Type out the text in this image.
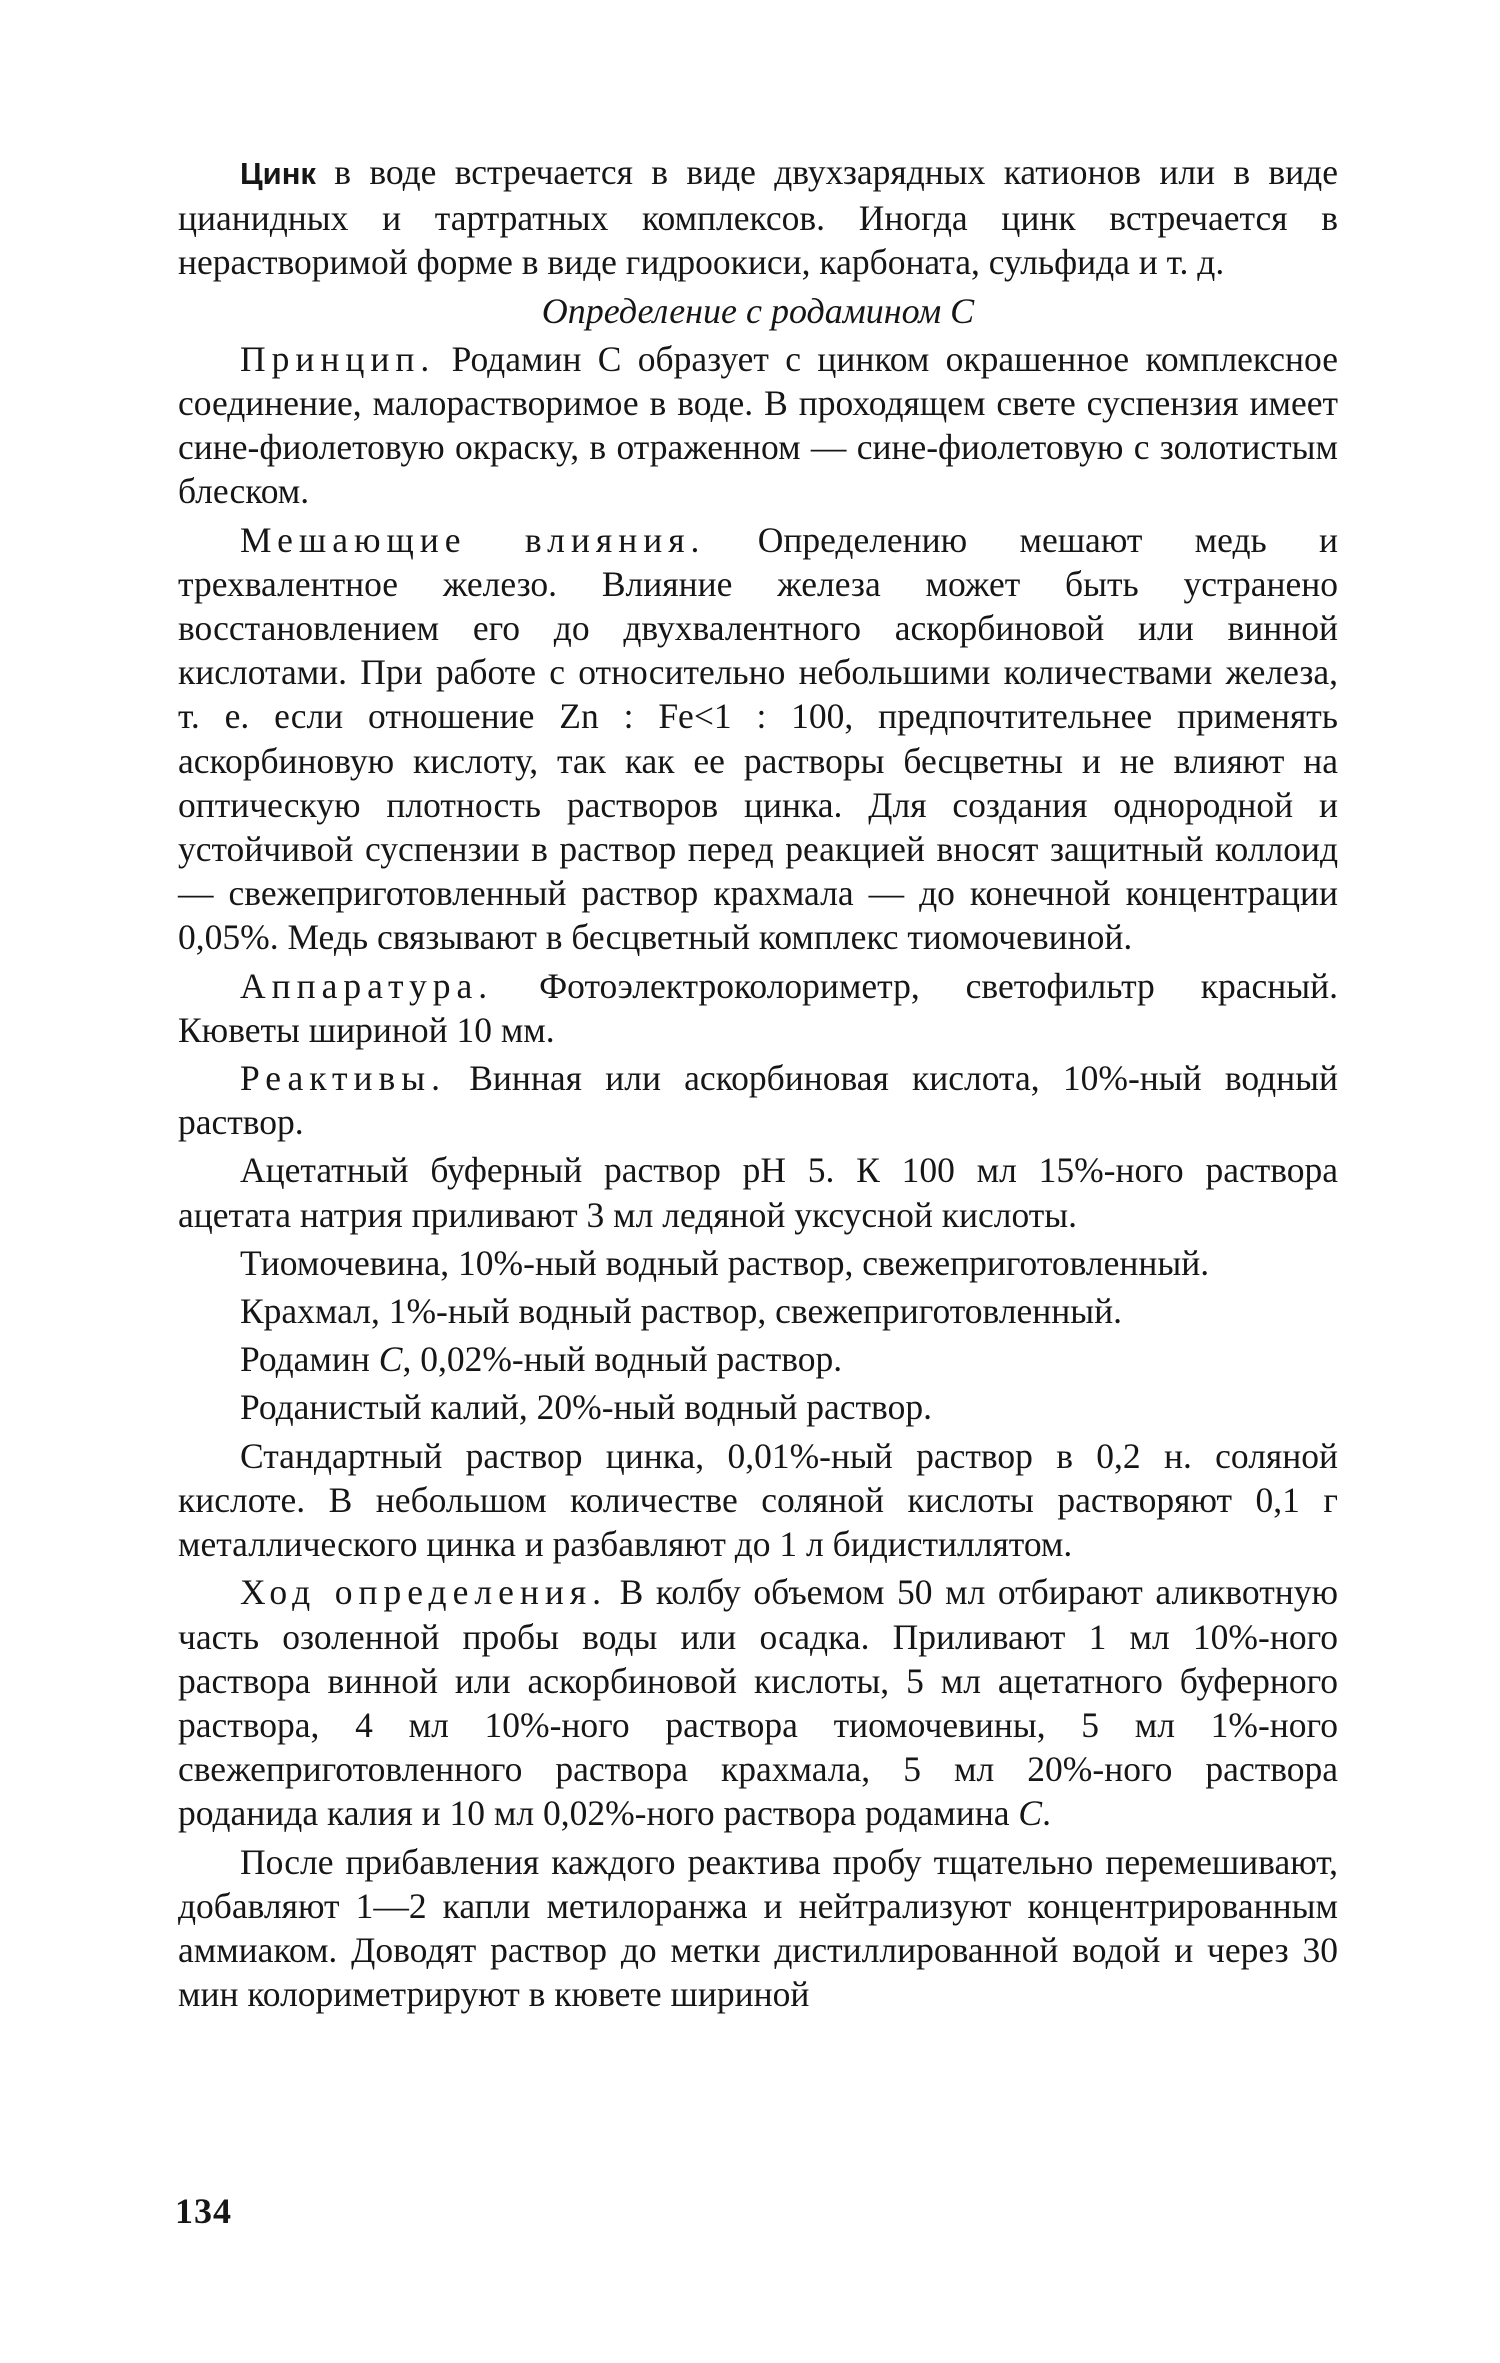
Цинк в воде встречается в виде двухзарядных катионов или в виде цианидных и тартратных комплексов. Иногда цинк встречается в нерастворимой форме в виде гидроокиси, карбоната, сульфида и т. д.

Определение с родамином С

Принцип. Родамин С образует с цинком окрашенное комплексное соединение, малорастворимое в воде. В проходящем свете суспензия имеет сине-фиолетовую окраску, в отраженном — сине-фиолетовую с золотистым блеском.

Мешающие влияния. Определению мешают медь и трехвалентное железо. Влияние железа может быть устранено восстановлением его до двухвалентного аскорбиновой или винной кислотами. При работе с относительно небольшими количествами железа, т. е. если отношение Zn : Fe<1 : 100, предпочтительнее применять аскорбиновую кислоту, так как ее растворы бесцветны и не влияют на оптическую плотность растворов цинка. Для создания однородной и устойчивой суспензии в раствор перед реакцией вносят защитный коллоид — свежеприготовленный раствор крахмала — до конечной концентрации 0,05%. Медь связывают в бесцветный комплекс тиомочевиной.

Аппаратура. Фотоэлектроколориметр, светофильтр красный. Кюветы шириной 10 мм.

Реактивы. Винная или аскорбиновая кислота, 10%-ный водный раствор.

Ацетатный буферный раствор pH 5. К 100 мл 15%-ного раствора ацетата натрия приливают 3 мл ледяной уксусной кислоты.

Тиомочевина, 10%-ный водный раствор, свежеприготовленный.

Крахмал, 1%-ный водный раствор, свежеприготовленный.

Родамин С, 0,02%-ный водный раствор.

Роданистый калий, 20%-ный водный раствор.

Стандартный раствор цинка, 0,01%-ный раствор в 0,2 н. соляной кислоте. В небольшом количестве соляной кислоты растворяют 0,1 г металлического цинка и разбавляют до 1 л бидистиллятом.

Ход определения. В колбу объемом 50 мл отбирают аликвотную часть озоленной пробы воды или осадка. Приливают 1 мл 10%-ного раствора винной или аскорбиновой кислоты, 5 мл ацетатного буферного раствора, 4 мл 10%-ного раствора тиомочевины, 5 мл 1%-ного свежеприготовленного раствора крахмала, 5 мл 20%-ного раствора роданида калия и 10 мл 0,02%-ного раствора родамина С.

После прибавления каждого реактива пробу тщательно перемешивают, добавляют 1—2 капли метилоранжа и нейтрализуют концентрированным аммиаком. Доводят раствор до метки дистиллированной водой и через 30 мин колориметрируют в кювете шириной

134
